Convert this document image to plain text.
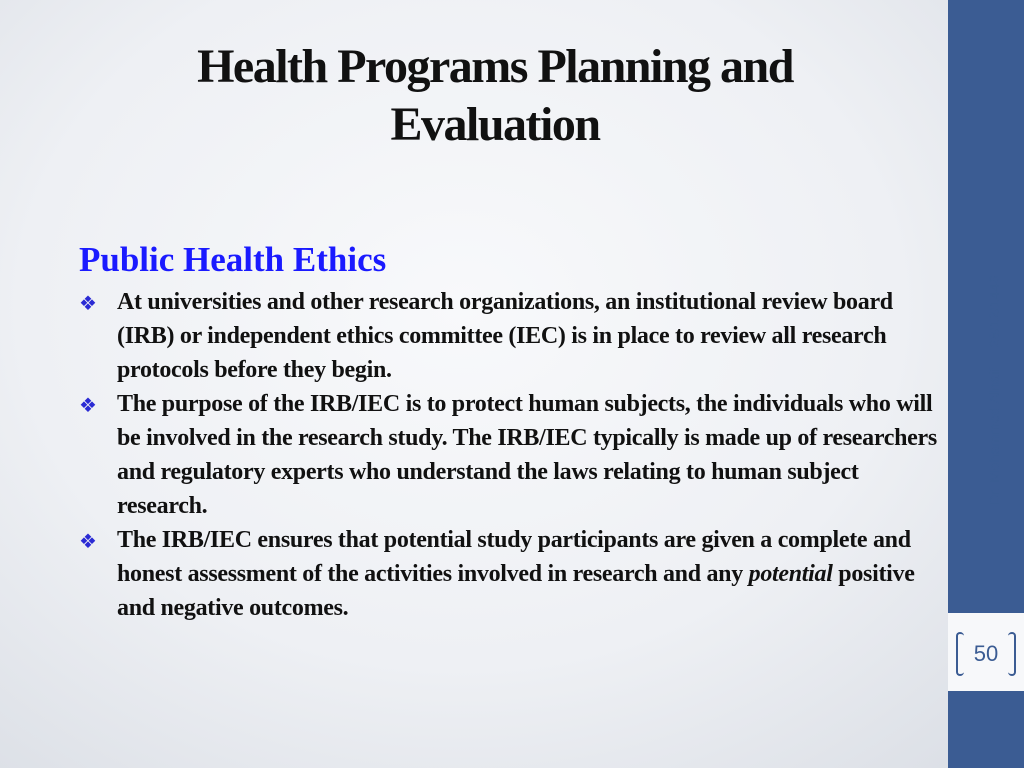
Health Programs Planning and
Evaluation
Public Health Ethics
❖ At universities and other research organizations, an institutional review board (IRB) or independent ethics committee (IEC) is in place to review all research protocols before they begin.
❖ The purpose of the IRB/IEC is to protect human subjects, the individuals who will be involved in the research study. The IRB/IEC typically is made up of researchers and regulatory experts who understand the laws relating to human subject research.
❖ The IRB/IEC ensures that potential study participants are given a complete and honest assessment of the activities involved in research and any potential positive and negative outcomes.
Dr. Mohammed Alnaif28/12/1446
50
